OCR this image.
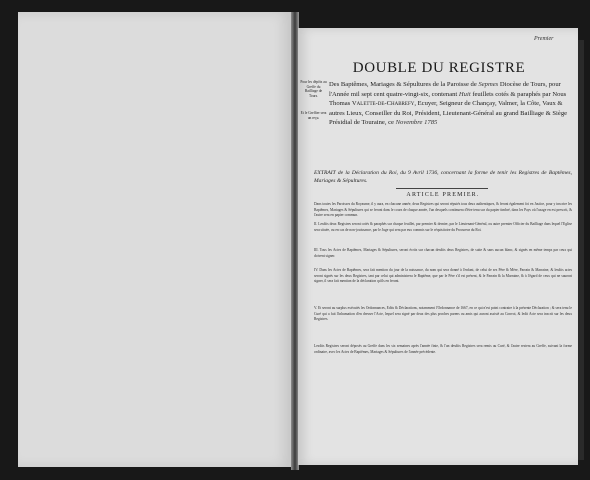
Premier
DOUBLE DU REGISTRE
Pour les dépôts au Greffe du Bailliage de Tours.
Et le Greffier sera un reçu.
Des Baptêmes, Mariages & Sépultures de la Paroisse de Sepmes Diocèse de Tours, pour l'Année mil sept cent quatre-vingt-six, contenant Huit feuillets cotés & paraphés par Nous Thomas Valette-de-Chabrefy, Ecuyer, Seigneur de Chançay, Valmer, la Côte, Vaux & autres Lieux, Conseiller du Roi, Président, Lieutenant-Général au grand Bailliage & Siège Présidial de Touraine, ce Novembre 1785
EXTRAIT de la Déclaration du Roi, du 9 Avril 1736, concernant la forme de tenir les Registres de Baptêmes, Mariages & Sépultures.
ARTICLE PREMIER.
Dans toutes les Paroisses du Royaume, il y aura, en chacune année, deux Registres qui seront réputés tous deux authentiques, & feront également foi en Justice, pour y inscrire les Baptêmes, Mariages & Sépultures qui se feront dans le cours de chaque année, l'un desquels continuera d'être tenu sur du papier timbré, dans les Pays où l'usage en est prescrit, & l'autre sera en papier commun.
II. Lesdits deux Registres seront cotés & paraphés sur chaque feuillet, par premier & dernier, par le Lieutenant-Général, ou autre premier Officier du Bailliage dans lequel l'Église sera située, ou en cas de non-jouissance, par le Juge qui sera par eux commis sur le réquisitoire du Procureur du Roi.
III. Tous les Actes de Baptêmes, Mariages & Sépultures, seront écrits sur chacun desdits deux Registres, de suite & sans aucun blanc, & signés en même temps par ceux qui doivent signer.
IV. Dans les Actes de Baptêmes, sera fait mention du jour de la naissance, du nom qui sera donné à l'enfant, de celui de ses Père & Mère, Parrain & Marraine, & lesdits actes seront signés sur les deux Registres, tant par celui qui administrera le Baptême, que par le Père s'il est présent, & le Parrain & la Marraine, & à l'égard de ceux qui ne sauront signer, il sera fait mention de la déclaration qu'ils en feront.
V. Et seront au surplus exécutés les Ordonnances, Edits & Déclarations, notamment l'Ordonnance de 1667, en ce qui n'est point contraire à la présente Déclaration ; & sera tenu le Curé qui a fait l'inhumation d'en dresser l'Acte, lequel sera signé par deux des plus proches parens ou amis qui auront assisté au Convoi, & ledit Acte sera inscrit sur les deux Registres.
Lesdits Registres seront déposés au Greffe dans les six semaines après l'année finie, & l'un desdits Registres sera remis au Curé, & l'autre restera au Greffe, suivant la forme ordinaire, avec les Actes de Baptêmes, Mariages & Sépultures de l'année précédente.
